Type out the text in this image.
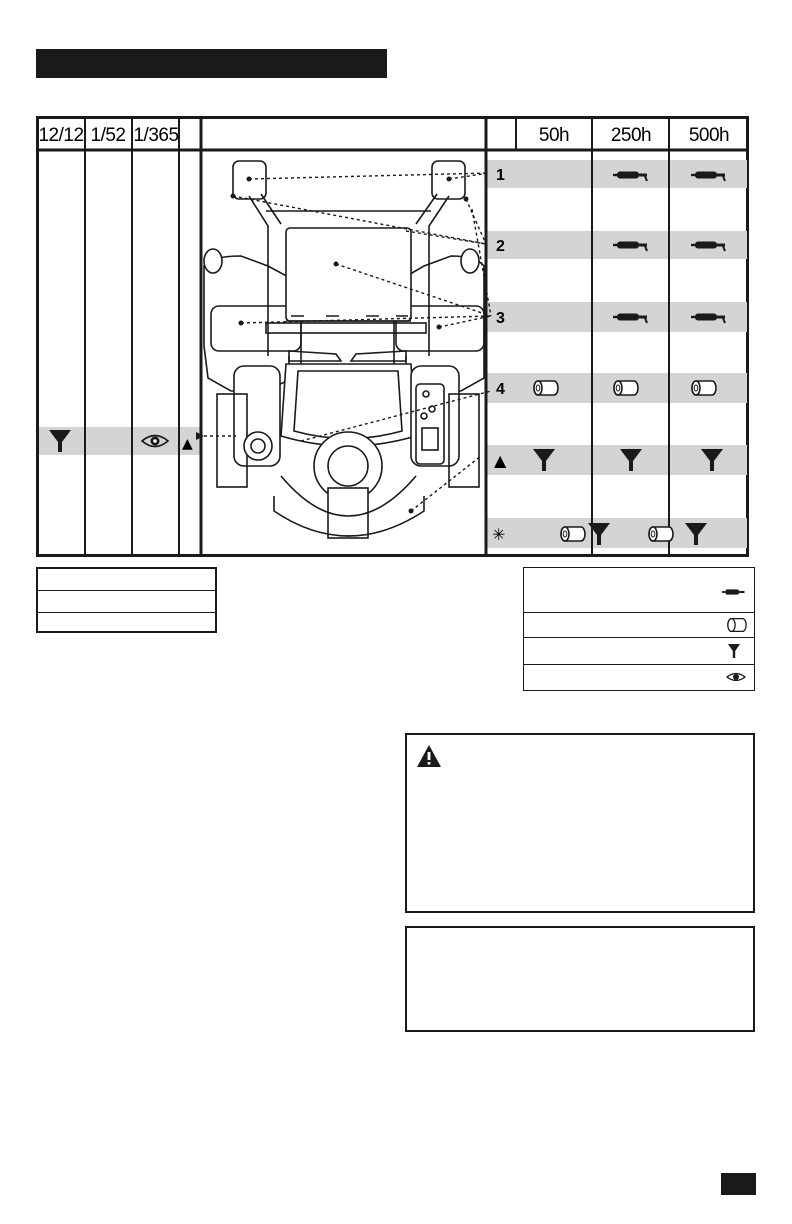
12/12 1/52 1/365	50h 250h 500h
1
2
3
4
▲
✳
▲
